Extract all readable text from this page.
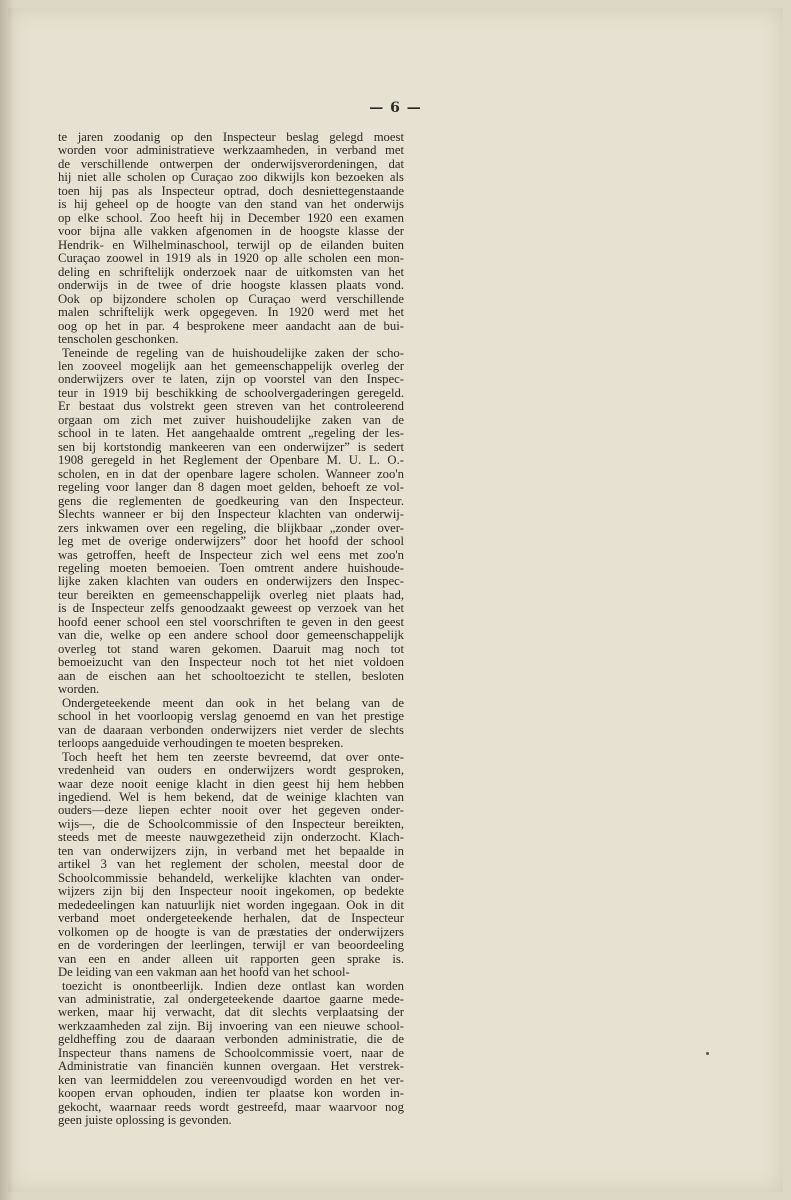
— 6 —
te jaren zoodanig op den Inspecteur beslag gelegd moest
worden voor administratieve werkzaamheden, in verband met
de verschillende ontwerpen der onderwijsverordeningen, dat
hij niet alle scholen op Curaçao zoo dikwijls kon bezoeken als
toen hij pas als Inspecteur optrad, doch desniettegenstaande
is hij geheel op de hoogte van den stand van het onderwijs
op elke school. Zoo heeft hij in December 1920 een examen
voor bijna alle vakken afgenomen in de hoogste klasse der
Hendrik- en Wilhelminaschool, terwijl op de eilanden buiten
Curaçao zoowel in 1919 als in 1920 op alle scholen een mon-
deling en schriftelijk onderzoek naar de uitkomsten van het
onderwijs in de twee of drie hoogste klassen plaats vond.
Ook op bijzondere scholen op Curaçao werd verschillende
malen schriftelijk werk opgegeven. In 1920 werd met het
oog op het in par. 4 besprokene meer aandacht aan de bui-
tenscholen geschonken.
Teneinde de regeling van de huishoudelijke zaken der scho-
len zooveel mogelijk aan het gemeenschappelijk overleg der
onderwijzers over te laten, zijn op voorstel van den Inspec-
teur in 1919 bij beschikking de schoolvergaderingen geregeld.
Er bestaat dus volstrekt geen streven van het controleerend
orgaan om zich met zuiver huishoudelijke zaken van de
school in te laten. Het aangehaalde omtrent „regeling der les-
sen bij kortstondig mankeeren van een onderwijzer” is sedert
1908 geregeld in het Reglement der Openbare M. U. L. O.-
scholen, en in dat der openbare lagere scholen. Wanneer zoo'n
regeling voor langer dan 8 dagen moet gelden, behoeft ze vol-
gens die reglementen de goedkeuring van den Inspecteur.
Slechts wanneer er bij den Inspecteur klachten van onderwij-
zers inkwamen over een regeling, die blijkbaar „zonder over-
leg met de overige onderwijzers” door het hoofd der school
was getroffen, heeft de Inspecteur zich wel eens met zoo'n
regeling moeten bemoeien. Toen omtrent andere huishoude-
lijke zaken klachten van ouders en onderwijzers den Inspec-
teur bereikten en gemeenschappelijk overleg niet plaats had,
is de Inspecteur zelfs genoodzaakt geweest op verzoek van het
hoofd eener school een stel voorschriften te geven in den geest
van die, welke op een andere school door gemeenschappelijk
overleg tot stand waren gekomen. Daaruit mag noch tot
bemoeizucht van den Inspecteur noch tot het niet voldoen
aan de eischen aan het schooltoezicht te stellen, besloten
worden.
Ondergeteekende meent dan ook in het belang van de
school in het voorloopig verslag genoemd en van het prestige
van de daaraan verbonden onderwijzers niet verder de slechts
terloops aangeduide verhoudingen te moeten bespreken.
Toch heeft het hem ten zeerste bevreemd, dat over onte-
vredenheid van ouders en onderwijzers wordt gesproken,
waar deze nooit eenige klacht in dien geest hij hem hebben
ingediend. Wel is hem bekend, dat de weinige klachten van
ouders—deze liepen echter nooit over het gegeven onder-
wijs—, die de Schoolcommissie of den Inspecteur bereikten,
steeds met de meeste nauwgezetheid zijn onderzocht. Klach-
ten van onderwijzers zijn, in verband met het bepaalde in
artikel 3 van het reglement der scholen, meestal door de
Schoolcommissie behandeld, werkelijke klachten van onder-
wijzers zijn bij den Inspecteur nooit ingekomen, op bedekte
mededeelingen kan natuurlijk niet worden ingegaan. Ook in dit
verband moet ondergeteekende herhalen, dat de Inspecteur
volkomen op de hoogte is van de præstaties der onderwijzers
en de vorderingen der leerlingen, terwijl er van beoordeeling
van een en ander alleen uit rapporten geen sprake is.
De leiding van een vakman aan het hoofd van het school-
toezicht is onontbeerlijk. Indien deze ontlast kan worden
van administratie, zal ondergeteekende daartoe gaarne mede-
werken, maar hij verwacht, dat dit slechts verplaatsing der
werkzaamheden zal zijn. Bij invoering van een nieuwe school-
geldheffing zou de daaraan verbonden administratie, die de
Inspecteur thans namens de Schoolcommissie voert, naar de
Administratie van financiën kunnen overgaan. Het verstrek-
ken van leermiddelen zou vereenvoudigd worden en het ver-
koopen ervan ophouden, indien ter plaatse kon worden in-
gekocht, waarnaar reeds wordt gestreefd, maar waarvoor nog
geen juiste oplossing is gevonden.
